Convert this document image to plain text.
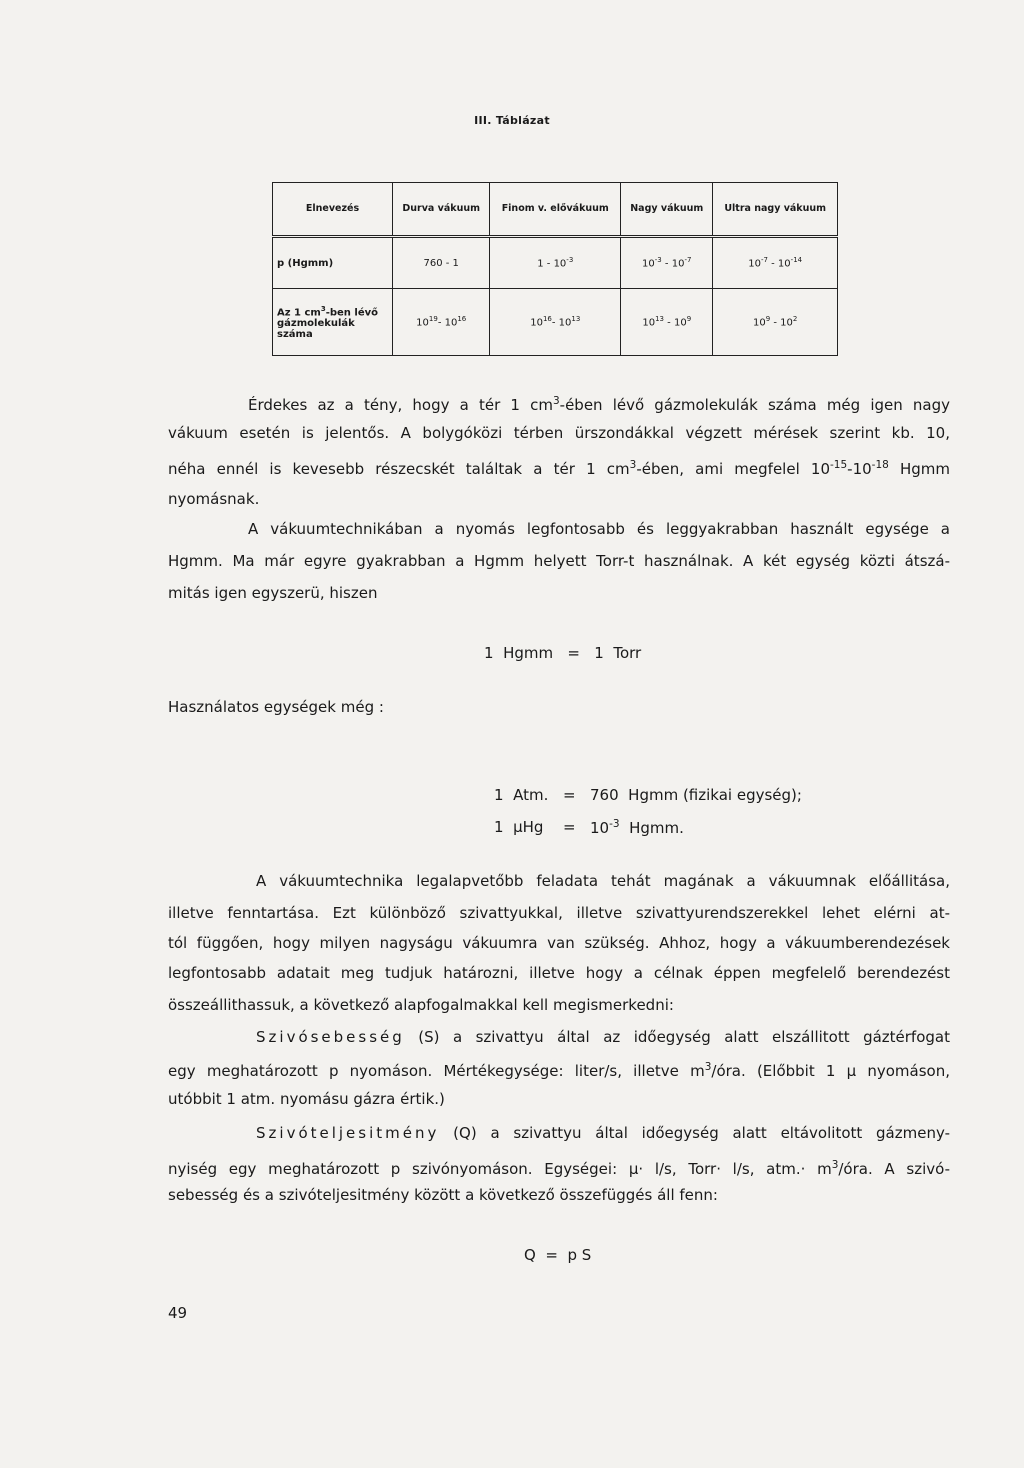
III. Táblázat
Elnevezés	Durva vákuum	Finom v. elővákuum	Nagy vákuum	Ultra nagy vákuum
p (Hgmm)	760 - 1	$1 - 10^{-3}$	$10^{-3} - 10^{-7}$	$10^{-7} - 10^{-14}$
Az 1 $cm^3$-ben lévő gázmolekulák száma	$10^{19}-$ $10^{16}$	$10^{16}-$ $10^{13}$	$10^{13} - 10^9$	$10^9 - 10^2$
Érdekes az a tény, hogy a tér 1 $cm^3$-ében lévő gázmolekulák száma még igen nagy
vákuum esetén is jelentős. A bolygóközi térben ürszondákkal végzett mérések szerint kb. 10,
néha ennél is kevesebb részecskét találtak a tér 1 $cm^3$-ében, ami megfelel $10^{-15}-10^{-18}$ Hgmm
nyomásnak.
A vákuumtechnikában a nyomás legfontosabb és leggyakrabban használt egysége a
Hgmm. Ma már egyre gyakrabban a Hgmm helyett Torr-t használnak. A két egység közti átszá-
mitás igen egyszerü, hiszen
1  Hgmm   =   1  Torr
Használatos egységek még :
1  Atm. = 760  Hgmm (fizikai egység);
1  $\mu Hg = 10^{-3}$  Hgmm.
A vákuumtechnika legalapvetőbb feladata tehát magának a vákuumnak előállitása,
illetve fenntartása. Ezt különböző szivattyukkal, illetve szivattyurendszerekkel lehet elérni at-
tól függően, hogy milyen nagyságu vákuumra van szükség. Ahhoz, hogy a vákuumberendezések
legfontosabb adatait meg tudjuk határozni, illetve hogy a célnak éppen megfelelő berendezést
összeállithassuk, a következő alapfogalmakkal kell megismerkedni:
Szivósebesség (S) a szivattyu által az időegység alatt elszállitott gáztérfogat
egy meghatározott p nyomáson. Mértékegysége: liter/s, illetve $m^3$/óra. (Előbbit 1 μ nyomáson,
utóbbit 1 atm. nyomásu gázra értik.)
Szivóteljesitmény (Q) a szivattyu által időegység alatt eltávolitott gázmeny-
nyiség egy meghatározott p szivónyomáson. Egységei: μ· l/s, Torr· l/s, $atm.\cdot m^3$/óra. A szivó-
sebesség és a szivóteljesitmény között a következő összefüggés áll fenn:
Q  =  p S
49
